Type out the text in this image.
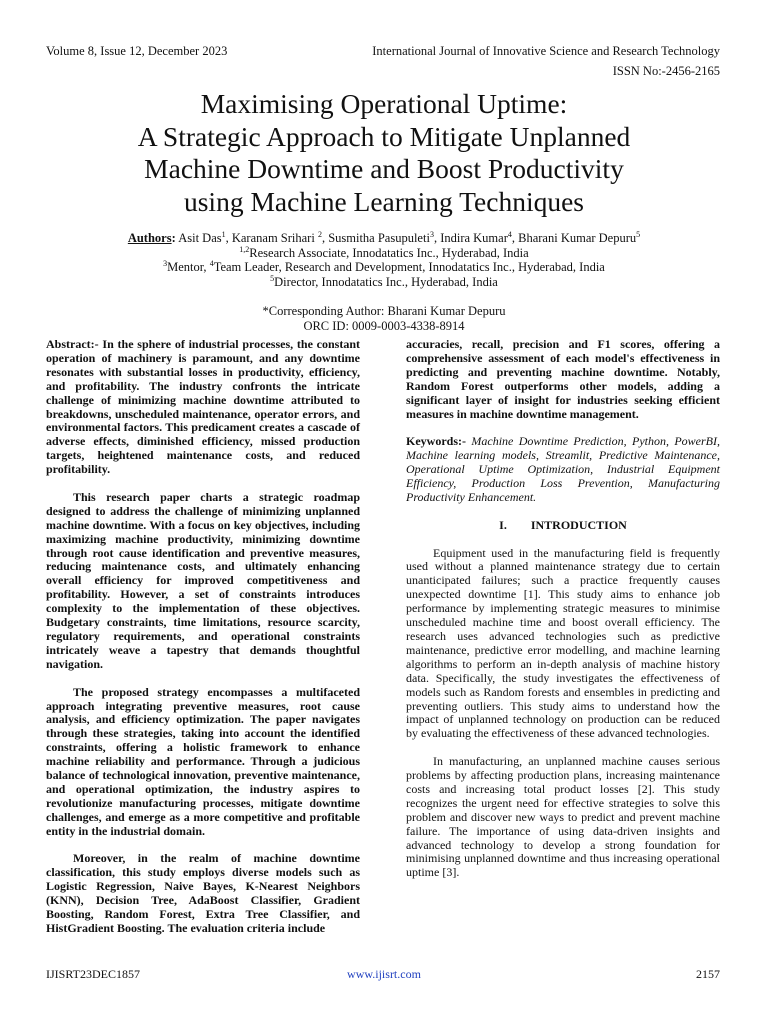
Volume 8, Issue 12, December 2023	International Journal of Innovative Science and Research Technology
ISSN No:-2456-2165
Maximising Operational Uptime:
A Strategic Approach to Mitigate Unplanned
Machine Downtime and Boost Productivity
using Machine Learning Techniques
Authors: Asit Das$^1$, Karanam Srihari $^2$, Susmitha Pasupuleti$^3$, Indira Kumar$^4$, Bharani Kumar Depuru$^5$
$^{1,2}$Research Associate, Innodatatics Inc., Hyderabad, India
$^3$Mentor, $^4$Team Leader, Research and Development, Innodatatics Inc., Hyderabad, India
$^5$Director, Innodatatics Inc., Hyderabad, India
*Corresponding Author: Bharani Kumar Depuru
ORC ID: 0009-0003-4338-8914

Abstract:- In the sphere of industrial processes, the constant operation of machinery is paramount, and any downtime resonates with substantial losses in productivity, efficiency, and profitability. The industry confronts the intricate challenge of minimizing machine downtime attributed to breakdowns, unscheduled maintenance, operator errors, and environmental factors. This predicament creates a cascade of adverse effects, diminished efficiency, missed production targets, heightened maintenance costs, and reduced profitability.

This research paper charts a strategic roadmap designed to address the challenge of minimizing unplanned machine downtime. With a focus on key objectives, including maximizing machine productivity, minimizing downtime through root cause identification and preventive measures, reducing maintenance costs, and ultimately enhancing overall efficiency for improved competitiveness and profitability. However, a set of constraints introduces complexity to the implementation of these objectives. Budgetary constraints, time limitations, resource scarcity, regulatory requirements, and operational constraints intricately weave a tapestry that demands thoughtful navigation.

The proposed strategy encompasses a multifaceted approach integrating preventive measures, root cause analysis, and efficiency optimization. The paper navigates through these strategies, taking into account the identified constraints, offering a holistic framework to enhance machine reliability and performance. Through a judicious balance of technological innovation, preventive maintenance, and operational optimization, the industry aspires to revolutionize manufacturing processes, mitigate downtime challenges, and emerge as a more competitive and profitable entity in the industrial domain.

Moreover, in the realm of machine downtime classification, this study employs diverse models such as Logistic Regression, Naive Bayes, K-Nearest Neighbors (KNN), Decision Tree, AdaBoost Classifier, Gradient Boosting, Random Forest, Extra Tree Classifier, and HistGradient Boosting. The evaluation criteria include

accuracies, recall, precision and F1 scores, offering a comprehensive assessment of each model's effectiveness in predicting and preventing machine downtime. Notably, Random Forest outperforms other models, adding a significant layer of insight for industries seeking efficient measures in machine downtime management.

Keywords:- Machine Downtime Prediction, Python, PowerBI, Machine learning models, Streamlit, Predictive Maintenance, Operational Uptime Optimization, Industrial Equipment Efficiency, Production Loss Prevention, Manufacturing Productivity Enhancement.

I. INTRODUCTION

Equipment used in the manufacturing field is frequently used without a planned maintenance strategy due to certain unanticipated failures; such a practice frequently causes unexpected downtime [1]. This study aims to enhance job performance by implementing strategic measures to minimise unscheduled machine time and boost overall efficiency. The research uses advanced technologies such as predictive maintenance, predictive error modelling, and machine learning algorithms to perform an in-depth analysis of machine history data. Specifically, the study investigates the effectiveness of models such as Random forests and ensembles in predicting and preventing outliers. This study aims to understand how the impact of unplanned technology on production can be reduced by evaluating the effectiveness of these advanced technologies.

In manufacturing, an unplanned machine causes serious problems by affecting production plans, increasing maintenance costs and increasing total product losses [2]. This study recognizes the urgent need for effective strategies to solve this problem and discover new ways to predict and prevent machine failure. The importance of using data-driven insights and advanced technology to develop a strong foundation for minimising unplanned downtime and thus increasing operational uptime [3].

IJISRT23DEC1857	www.ijisrt.com	2157
